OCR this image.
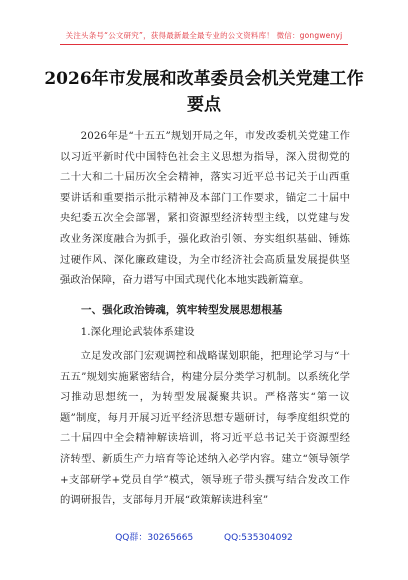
关注头条号“公文研究”，获得最新最全最专业的公文资料库！ 微信：gongwenyj
2026年市发展和改革委员会机关党建工作要点
2026年是“十五五”规划开局之年，市发改委机关党建工作以习近平新时代中国特色社会主义思想为指导，深入贯彻党的二十大和二十届历次全会精神，落实习近平总书记关于山西重要讲话和重要指示批示精神及本部门工作要求，锚定二十届中央纪委五次全会部署，紧扣资源型经济转型主线，以党建与发改业务深度融合为抓手，强化政治引领、夯实组织基础、锤炼过硬作风、深化廉政建设，为全市经济社会高质量发展提供坚强政治保障，奋力谱写中国式现代化本地实践新篇章。
一、强化政治铸魂，筑牢转型发展思想根基
1.深化理论武装体系建设
立足发改部门宏观调控和战略谋划职能，把理论学习与“十五五”规划实施紧密结合，构建分层分类学习机制。以系统化学习推动思想统一，为转型发展凝聚共识。严格落实“第一议题”制度，每月开展习近平经济思想专题研讨，每季度组织党的二十届四中全会精神解读培训，将习近平总书记关于资源型经济转型、新质生产力培育等论述纳入必学内容。建立“领导领学+支部研学+党员自学”模式，领导班子带头撰写结合发改工作的调研报告，支部每月开展“政策解读进科室”
QQ群：30265665	QQ:535304092
